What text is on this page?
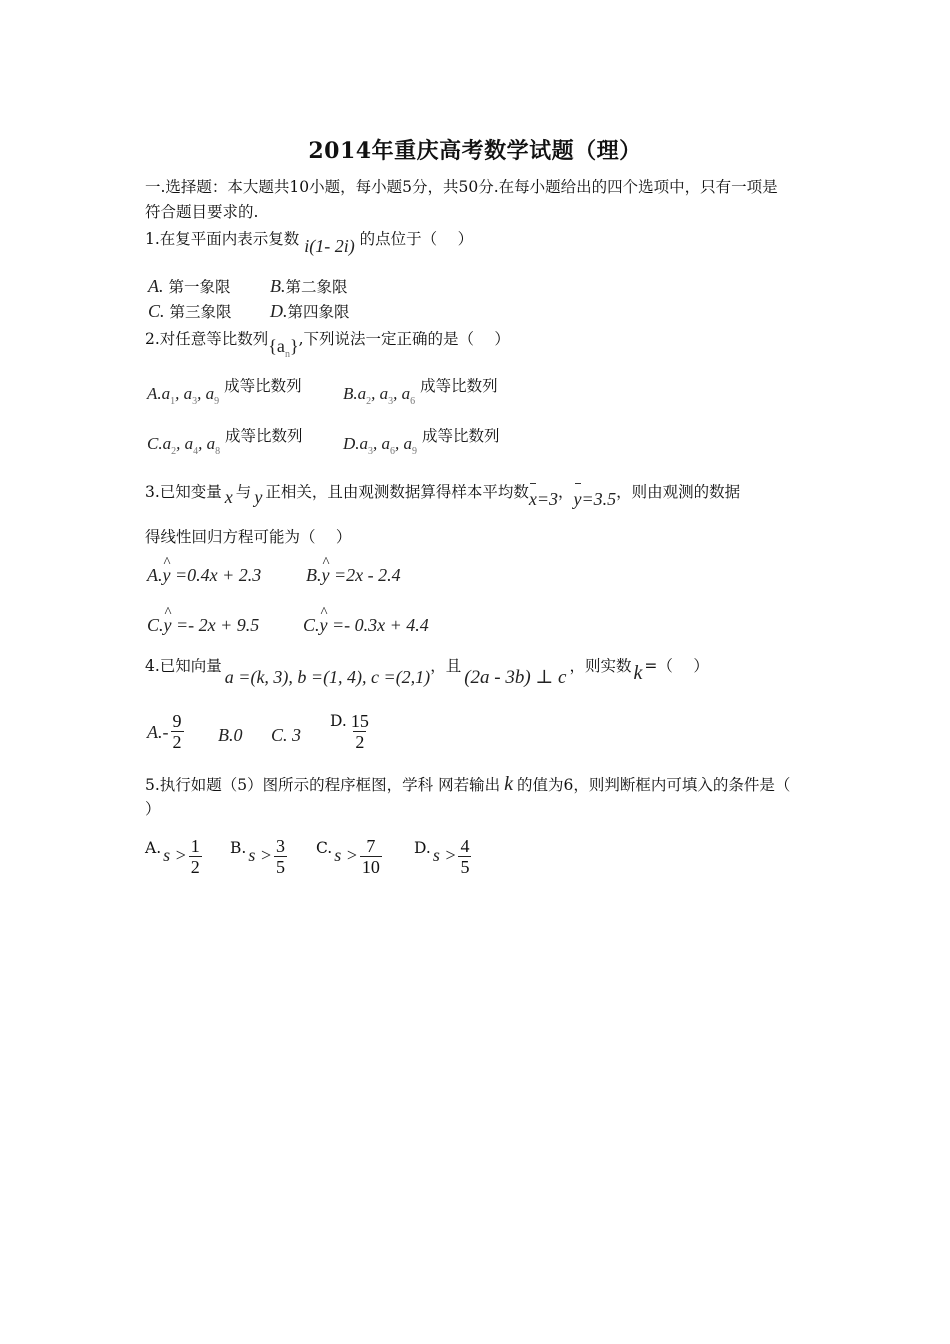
2014年重庆高考数学试题（理）
一.选择题：本大题共10小题，每小题5分，共50分.在每小题给出的四个选项中，只有一项是
符合题目要求的.
1.在复平面内表示复数 i(1- 2i) 的点位于（　 ）
A. 第一象限 B.第二象限
C. 第三象限 D.第四象限
2.对任意等比数列$\{a_n\}$,下列说法一定正确的是（　 ）
$A.a_1$, $a_3$, $a_9$ 成等比数列 $B.a_2$, $a_3$, $a_6$ 成等比数列
$C.a_2$, $a_4$, $a_8$ 成等比数列 $D.a_3$, $a_6$, $a_9$ 成等比数列
3.已知变量 x 与 y 正相关，且由观测数据算得样本平均数x=3，y=3.5，则由观测的数据
得线性回归方程可能为（　 ）
A.^ y =0.4x + 2.3 B.^ y =2x - 2.4
C.^ y =- 2x + 9.5 C.^ y =- 0.3x + 4.4
4.已知向量a =(k, 3), b =(1, 4), c =(2,1)，且(2a - 3b) ⊥ c，则实数 k =（　 ）
$A.- \frac{9}{2} B.0$ C. 3
D. $\frac{15}{2}$
5.执行如题（5）图所示的程序框图，学科 网若输出 k 的值为6，则判断框内可填入的条件是（
）
A. $s > \frac{1}{2} B$. $s > \frac{3}{5} C$. $s > \frac{7}{10} D$. $s > \frac{4}{5}$
